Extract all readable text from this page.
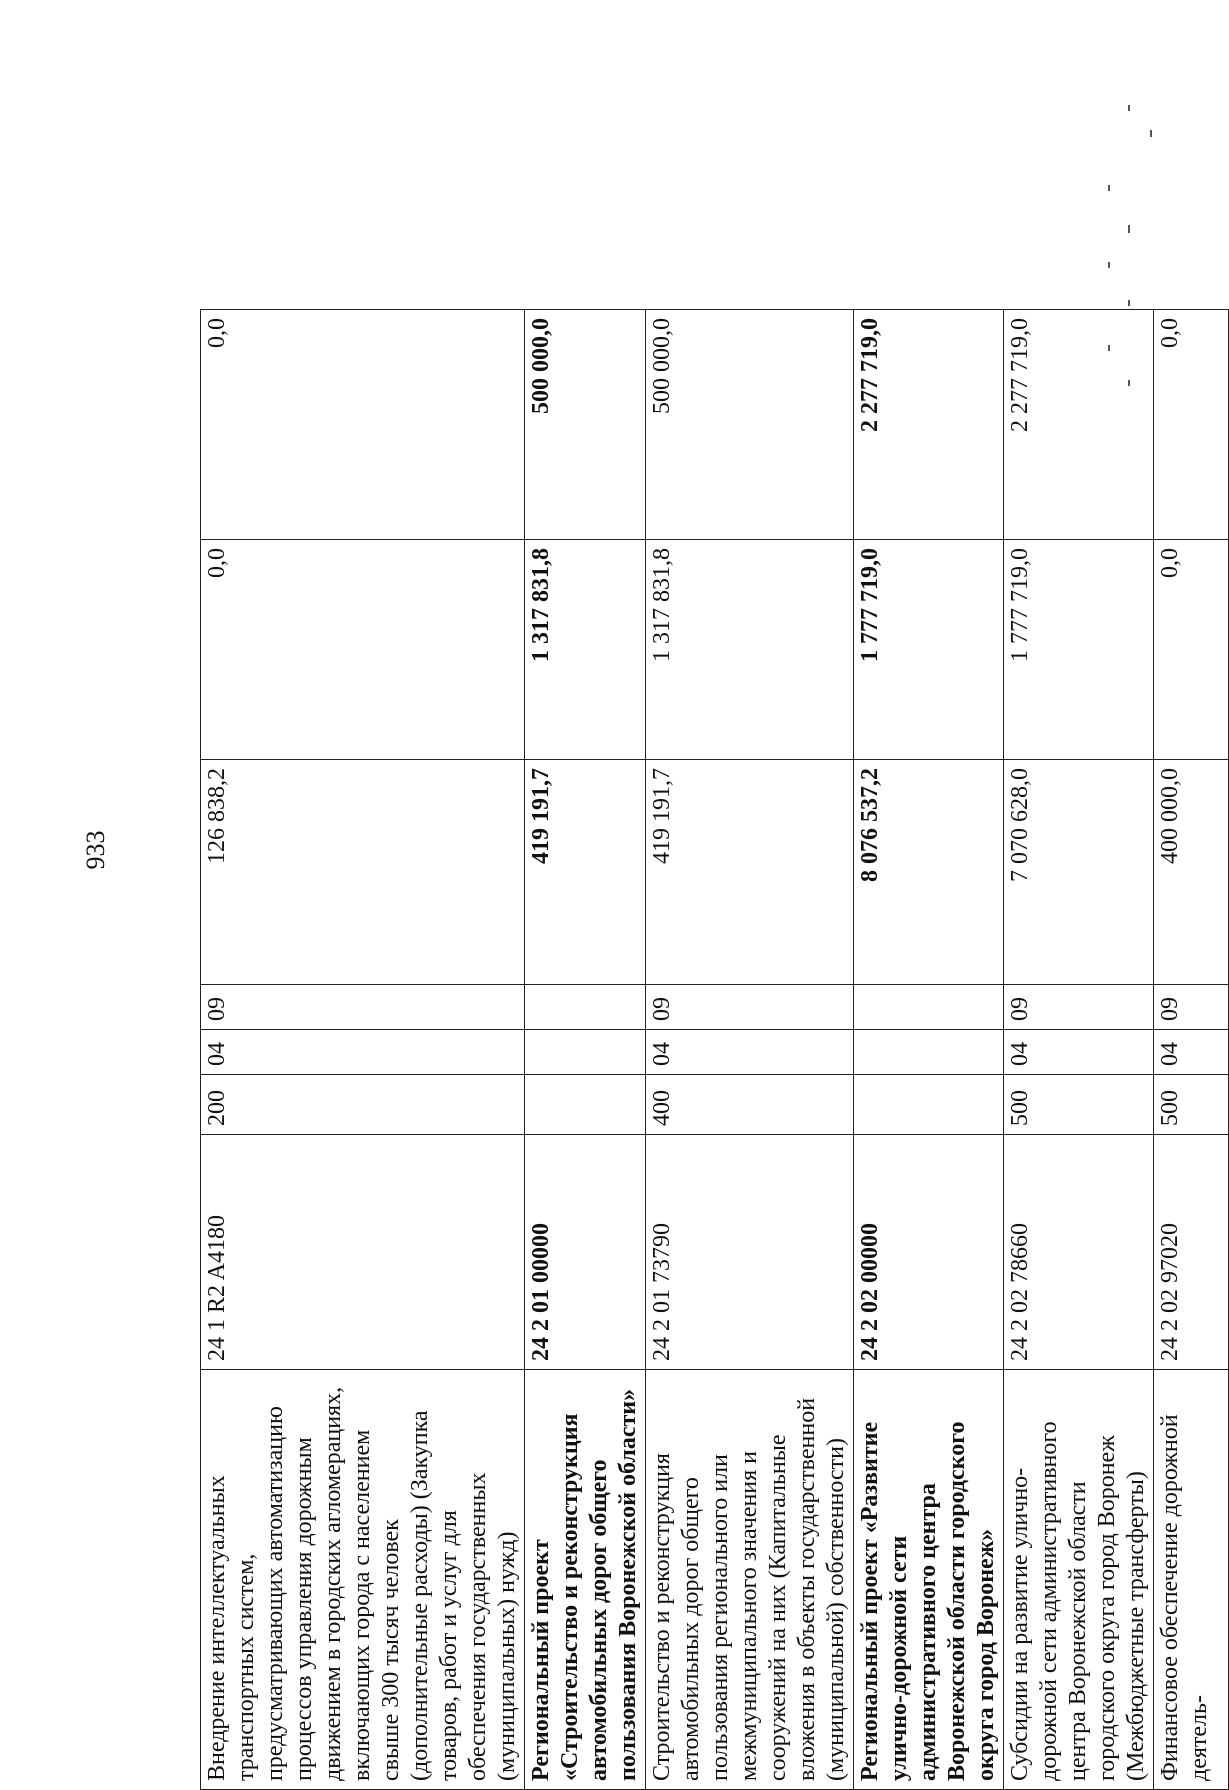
933
Внедрение интеллектуальных транспортных систем, предусматривающих автоматизацию процессов управления дорожным движением в городских агломерациях, включающих города с населением свыше 300 тысяч человек (дополнительные расходы) (Закупка товаров, работ и услуг для обеспечения государственных (муниципальных) нужд)	24 1 R2 A4180	200	04	09	126 838,2	0,0	0,0
Региональный проект «Строительство и реконструкция автомобильных дорог общего пользования Воронежской области»	24 2 01 00000				419 191,7	1 317 831,8	500 000,0
Строительство и реконструкция автомобильных дорог общего пользования регионального или межмуниципального значения и сооружений на них (Капитальные вложения в объекты государственной (муниципальной) собственности)	24 2 01 73790	400	04	09	419 191,7	1 317 831,8	500 000,0
Региональный проект «Развитие улично-дорожной сети административного центра Воронежской области городского округа город Воронеж»	24 2 02 00000				8 076 537,2	1 777 719,0	2 277 719,0
Субсидии на развитие улично-дорожной сети административного центра Воронежской области городского округа город Воронеж (Межбюджетные трансферты)	24 2 02 78660	500	04	09	7 070 628,0	1 777 719,0	2 277 719,0
Финансовое обеспечение дорожной деятель-	24 2 02 97020	500	04	09	400 000,0	0,0	0,0
